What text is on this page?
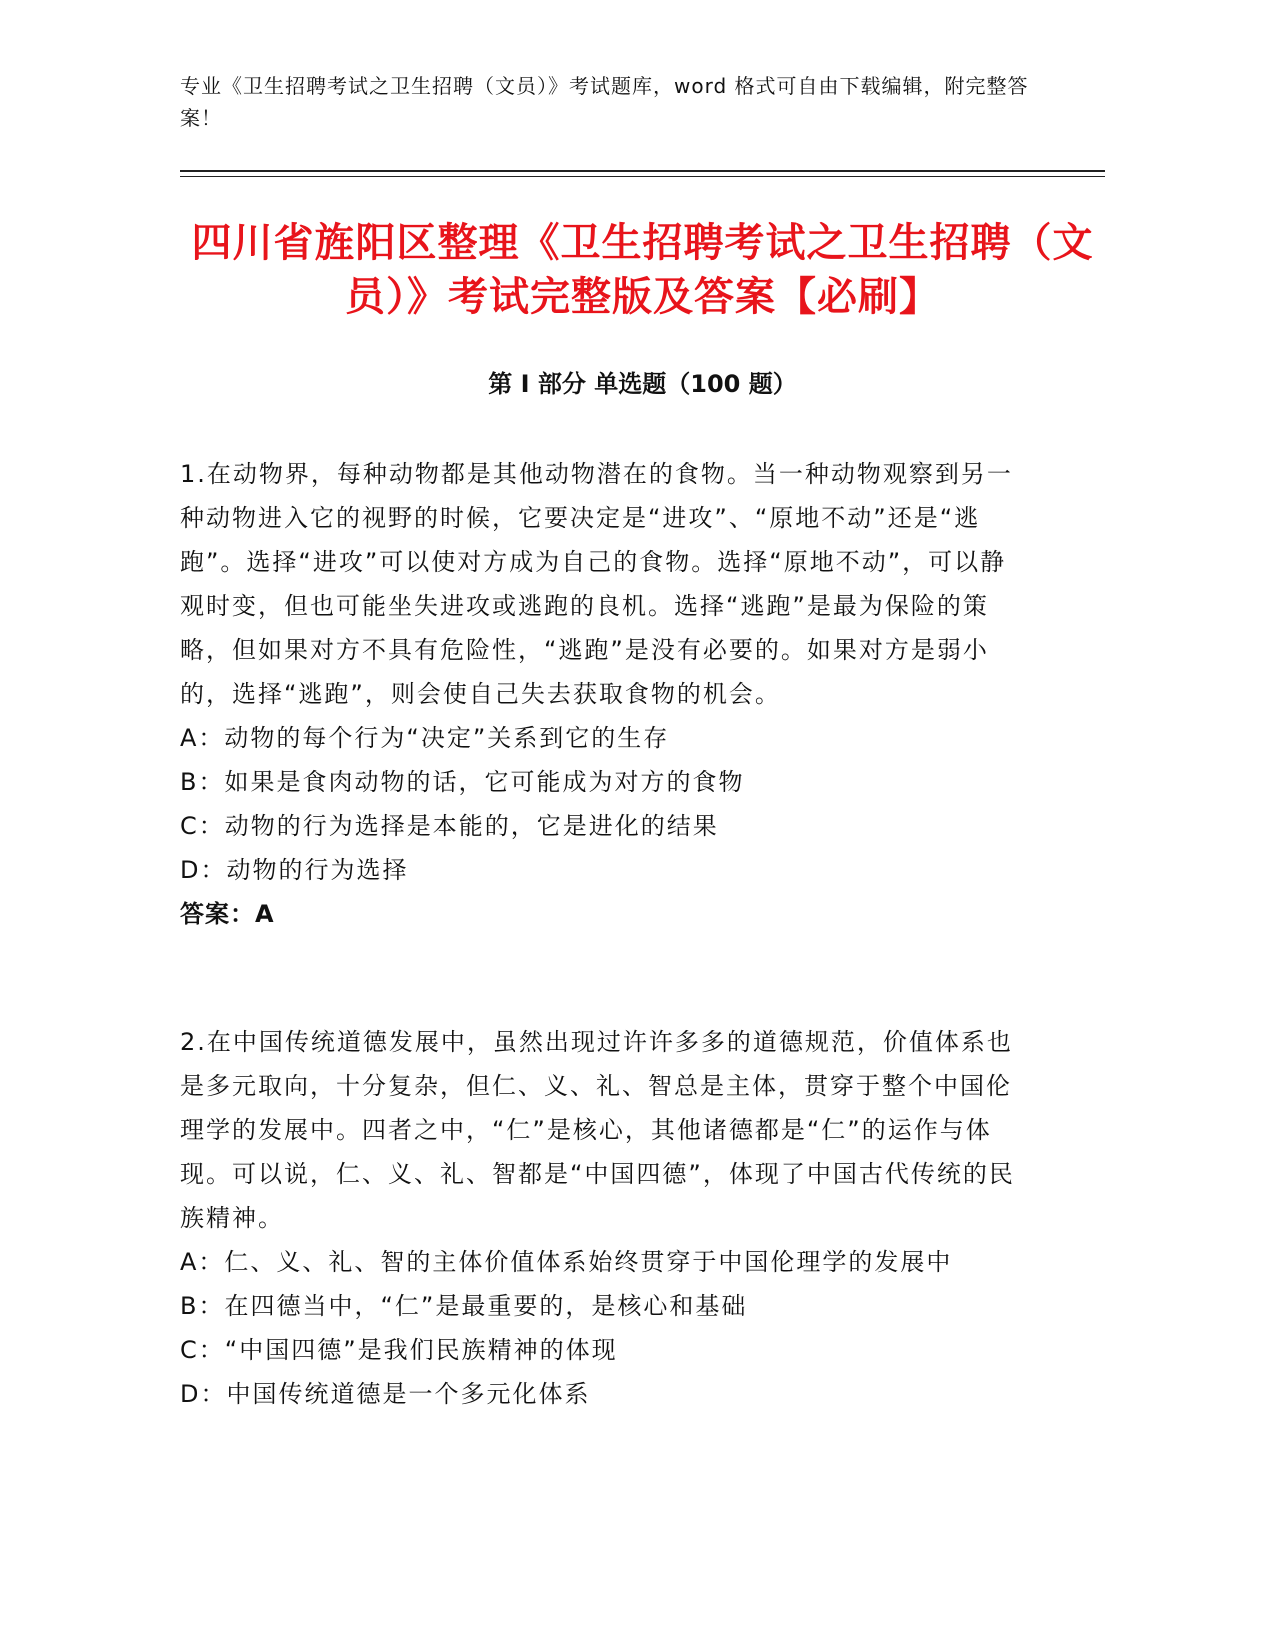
专业《卫生招聘考试之卫生招聘（文员）》考试题库，word 格式可自由下载编辑，附完整答案！
四川省旌阳区整理《卫生招聘考试之卫生招聘（文员）》考试完整版及答案【必刷】
第 I 部分 单选题（100 题）

1.在动物界，每种动物都是其他动物潜在的食物。当一种动物观察到另一种动物进入它的视野的时候，它要决定是“进攻”、“原地不动”还是“逃跑”。选择“进攻”可以使对方成为自己的食物。选择“原地不动”，可以静观时变，但也可能坐失进攻或逃跑的良机。选择“逃跑”是最为保险的策略，但如果对方不具有危险性，“逃跑”是没有必要的。如果对方是弱小的，选择“逃跑”，则会使自己失去获取食物的机会。

A：动物的每个行为“决定”关系到它的生存

B：如果是食肉动物的话，它可能成为对方的食物

C：动物的行为选择是本能的，它是进化的结果

D：动物的行为选择

答案：A

2.在中国传统道德发展中，虽然出现过许许多多的道德规范，价值体系也是多元取向，十分复杂，但仁、义、礼、智总是主体，贯穿于整个中国伦理学的发展中。四者之中，“仁”是核心，其他诸德都是“仁”的运作与体现。可以说，仁、义、礼、智都是“中国四德”，体现了中国古代传统的民族精神。

A：仁、义、礼、智的主体价值体系始终贯穿于中国伦理学的发展中

B：在四德当中，“仁”是最重要的，是核心和基础

C：“中国四德”是我们民族精神的体现

D：中国传统道德是一个多元化体系
